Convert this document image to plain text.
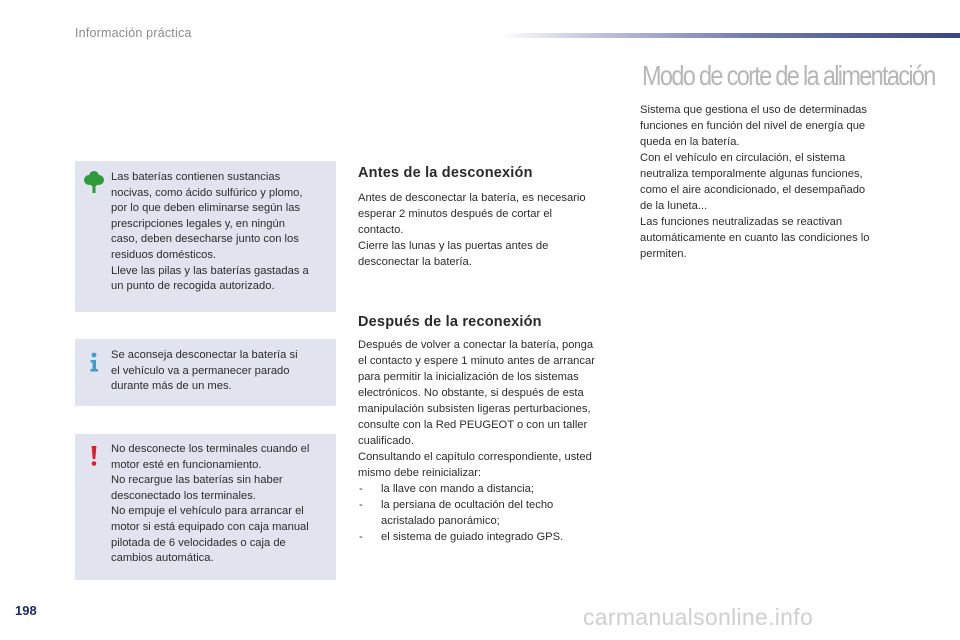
Información práctica

Las baterías contienen sustancias

nocivas, como ácido sulfúrico y plomo,

por lo que deben eliminarse según las

prescripciones legales y, en ningún

caso, deben desecharse junto con los

residuos domésticos.

Lleve las pilas y las baterías gastadas a

un punto de recogida autorizado.

Se aconseja desconectar la batería si

el vehículo va a permanecer parado

durante más de un mes.

No desconecte los terminales cuando el

motor esté en funcionamiento.

No recargue las baterías sin haber

desconectado los terminales.

No empuje el vehículo para arrancar el

motor si está equipado con caja manual

pilotada de 6 velocidades o caja de

cambios automática.

Antes de la desconexión

Antes de desconectar la batería, es necesario

esperar 2 minutos después de cortar el

contacto.

Cierre las lunas y las puertas antes de

desconectar la batería.

Después de la reconexión

Después de volver a conectar la batería, ponga

el contacto y espere 1 minuto antes de arrancar

para permitir la inicialización de los sistemas

electrónicos. No obstante, si después de esta

manipulación subsisten ligeras perturbaciones,

consulte con la Red PEUGEOT o con un taller

cualificado.

Consultando el capítulo correspondiente, usted

mismo debe reinicializar:

- la llave con mando a distancia;
- la persiana de ocultación del techo acristalado panorámico;
- el sistema de guiado integrado GPS.
Modo de corte de la alimentación

Sistema que gestiona el uso de determinadas

funciones en función del nivel de energía que

queda en la batería.

Con el vehículo en circulación, el sistema

neutraliza temporalmente algunas funciones,

como el aire acondicionado, el desempañado

de la luneta...

Las funciones neutralizadas se reactivan

automáticamente en cuanto las condiciones lo

permiten.

198	carmanualsonline.info
